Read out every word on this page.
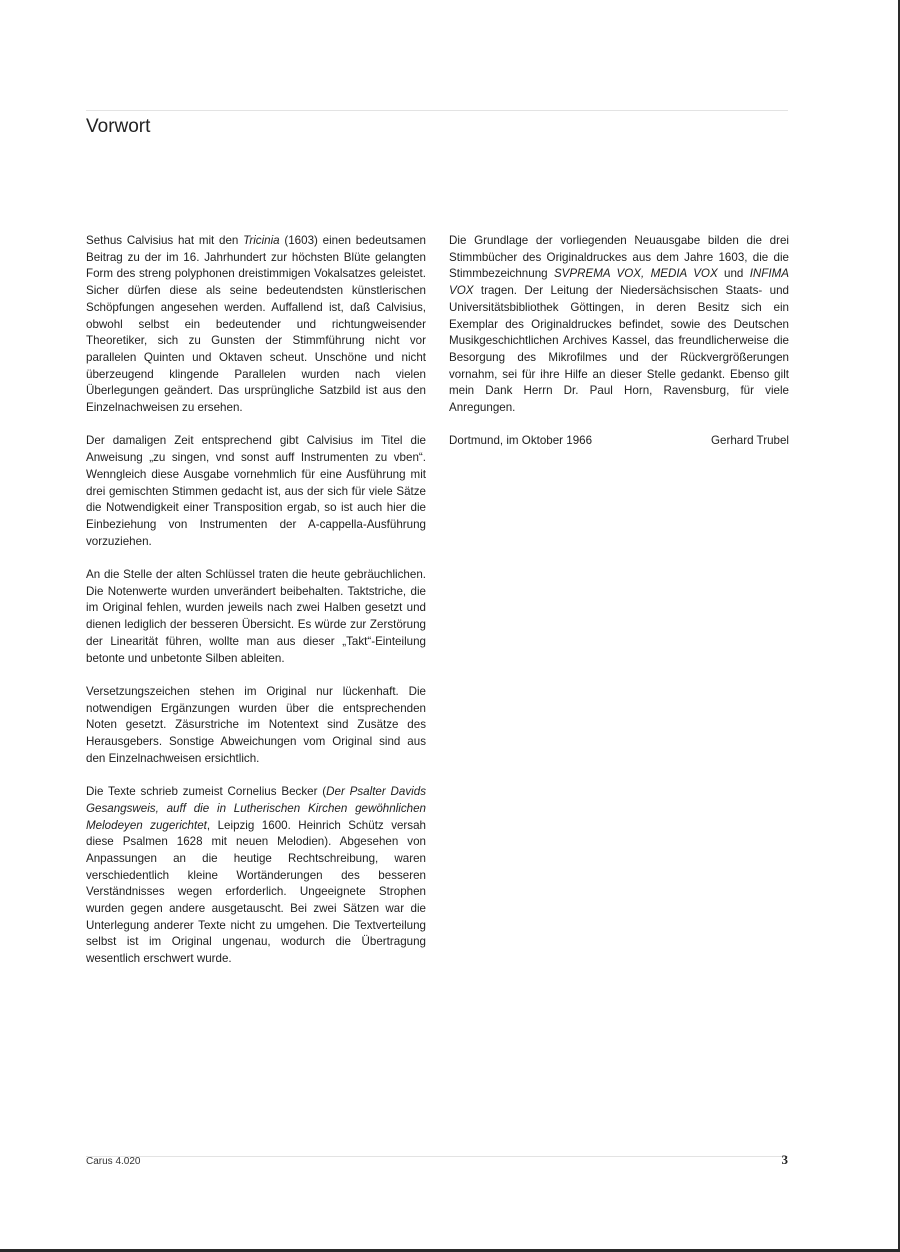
Vorwort

Sethus Calvisius hat mit den Tricinia (1603) einen bedeutsamen Beitrag zu der im 16. Jahrhundert zur höchsten Blüte gelangten Form des streng polyphonen dreistimmigen Vokalsatzes geleistet. Sicher dürfen diese als seine bedeutendsten künstlerischen Schöpfungen angesehen werden. Auffallend ist, daß Calvisius, obwohl selbst ein bedeutender und richtungweisender Theoretiker, sich zu Gunsten der Stimmführung nicht vor parallelen Quinten und Oktaven scheut. Unschöne und nicht überzeugend klingende Parallelen wurden nach vielen Überlegungen geändert. Das ursprüngliche Satzbild ist aus den Einzelnachweisen zu ersehen.

Der damaligen Zeit entsprechend gibt Calvisius im Titel die Anweisung „zu singen, vnd sonst auff Instrumenten zu vben“. Wenngleich diese Ausgabe vornehmlich für eine Ausführung mit drei gemischten Stimmen gedacht ist, aus der sich für viele Sätze die Notwendigkeit einer Transposition ergab, so ist auch hier die Einbeziehung von Instrumenten der A-cappella-Ausführung vorzuziehen.

An die Stelle der alten Schlüssel traten die heute gebräuchlichen. Die Notenwerte wurden unverändert beibehalten. Taktstriche, die im Original fehlen, wurden jeweils nach zwei Halben gesetzt und dienen lediglich der besseren Übersicht. Es würde zur Zerstörung der Linearität führen, wollte man aus dieser „Takt“-Einteilung betonte und unbetonte Silben ableiten.

Versetzungszeichen stehen im Original nur lückenhaft. Die notwendigen Ergänzungen wurden über die entsprechenden Noten gesetzt. Zäsurstriche im Notentext sind Zusätze des Herausgebers. Sonstige Abweichungen vom Original sind aus den Einzelnachweisen ersichtlich.

Die Texte schrieb zumeist Cornelius Becker (Der Psalter Davids Gesangsweis, auff die in Lutherischen Kirchen gewöhnlichen Melodeyen zugerichtet, Leipzig 1600. Heinrich Schütz versah diese Psalmen 1628 mit neuen Melodien). Abgesehen von Anpassungen an die heutige Rechtschreibung, waren verschiedentlich kleine Wortänderungen des besseren Verständnisses wegen erforderlich. Ungeeignete Strophen wurden gegen andere ausgetauscht. Bei zwei Sätzen war die Unterlegung anderer Texte nicht zu umgehen. Die Textverteilung selbst ist im Original ungenau, wodurch die Übertragung wesentlich erschwert wurde.

Die Grundlage der vorliegenden Neuausgabe bilden die drei Stimmbücher des Originaldruckes aus dem Jahre 1603, die die Stimmbezeichnung SVPREMA VOX, MEDIA VOX und INFIMA VOX tragen. Der Leitung der Niedersächsischen Staats- und Universitätsbibliothek Göttingen, in deren Besitz sich ein Exemplar des Originaldruckes befindet, sowie des Deutschen Musikgeschichtlichen Archives Kassel, das freundlicherweise die Besorgung des Mikrofilmes und der Rückvergrößerungen vornahm, sei für ihre Hilfe an dieser Stelle gedankt. Ebenso gilt mein Dank Herrn Dr. Paul Horn, Ravensburg, für viele Anregungen.

Dortmund, im Oktober 1966	Gerhard Trubel

Carus 4.020	3
